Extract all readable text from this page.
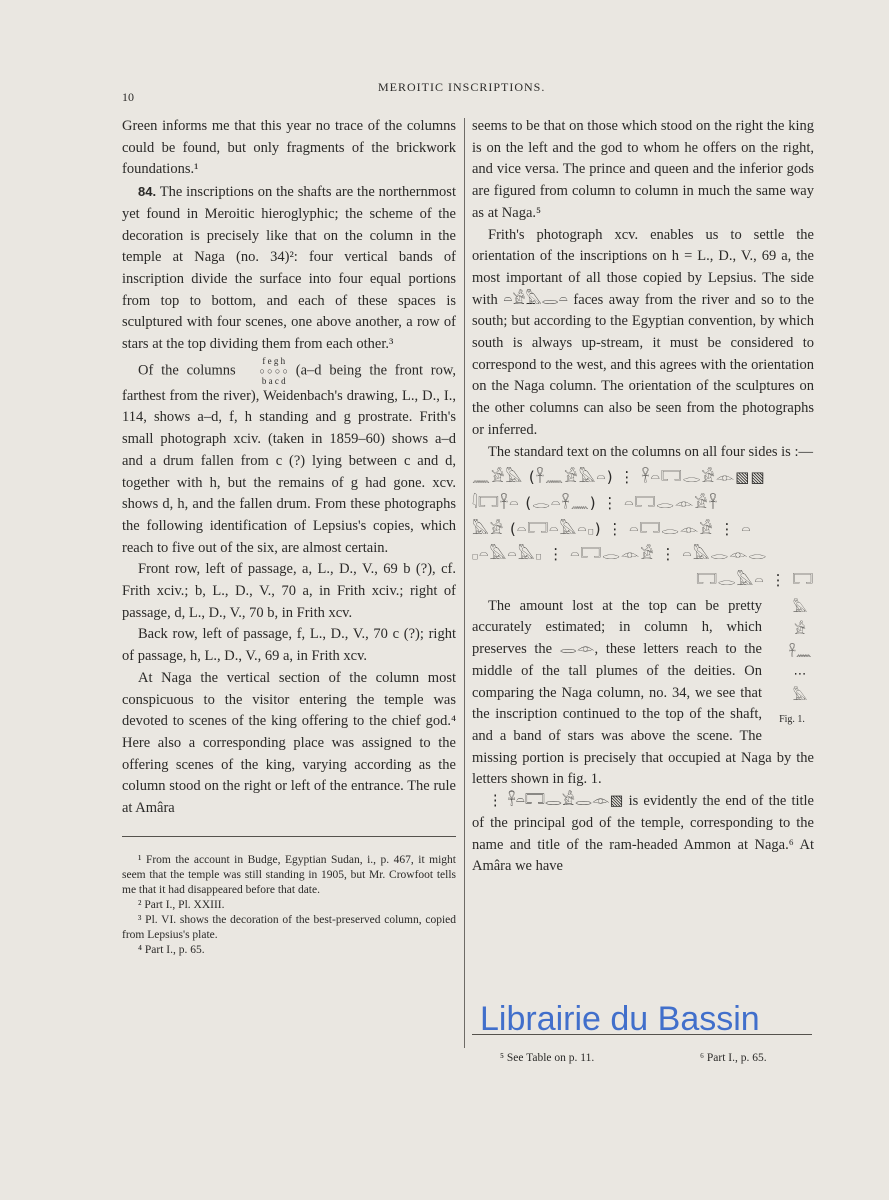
10
MEROITIC INSCRIPTIONS.

Green informs me that this year no trace of the columns could be found, but only fragments of the brickwork foundations.¹

84. The inscriptions on the shafts are the northernmost yet found in Meroitic hieroglyphic; the scheme of the decoration is precisely like that on the column in the temple at Naga (no. 34)²: four vertical bands of inscription divide the surface into four equal portions from top to bottom, and each of these spaces is sculptured with four scenes, one above another, a row of stars at the top dividing them from each other.³

Of the columns
f e g h
○ ○ ○ ○
b a c d
(a–d being the front row, farthest from the river), Weidenbach's drawing, L., D., I., 114, shows a–d, f, h standing and g prostrate. Frith's small photograph xciv. (taken in 1859–60) shows a–d and a drum fallen from c (?) lying between c and d, together with h, but the remains of g had gone. xcv. shows d, h, and the fallen drum. From these photographs the following identification of Lepsius's copies, which reach to five out of the six, are almost certain.

Front row, left of passage, a, L., D., V., 69 b (?), cf. Frith xciv.; b, L., D., V., 70 a, in Frith xciv.; right of passage, d, L., D., V., 70 b, in Frith xcv.

Back row, left of passage, f, L., D., V., 70 c (?); right of passage, h, L., D., V., 69 a, in Frith xcv.

At Naga the vertical section of the column most conspicuous to the visitor entering the temple was devoted to scenes of the king offering to the chief god.⁴ Here also a corresponding place was assigned to the offering scenes of the king, varying according as the column stood on the right or left of the entrance. The rule at Amâra

¹ From the account in Budge, Egyptian Sudan, i., p. 467, it might seem that the temple was still standing in 1905, but Mr. Crowfoot tells me that it had disappeared before that date.

² Part I., Pl. XXIII.

³ Pl. VI. shows the decoration of the best-preserved column, copied from Lepsius's plate.

⁴ Part I., p. 65.

seems to be that on those which stood on the right the king is on the left and the god to whom he offers on the right, and vice versa. The prince and queen and the inferior gods are figured from column to column in much the same way as at Naga.⁵

Frith's photograph xcv. enables us to settle the orientation of the inscriptions on h = L., D., V., 69 a, the most important of all those copied by Lepsius. The side with 𓏏𓀀𓅓𓂋𓏏 faces away from the river and so to the south; but according to the Egyptian convention, by which south is always up-stream, it must be considered to correspond to the west, and this agrees with the orientation on the Naga column. The orientation of the sculptures on the other columns can also be seen from the photographs or inferred.

The standard text on the columns on all four sides is :—

𓈖𓀀𓅓 (𓋹𓈖𓀀𓅓𓏏) ⋮ 𓋹𓏏𓉐𓂋𓀀𓁹▧▧
𓇋𓉐𓋹𓏏 (𓂋𓏏𓋹𓈖) ⋮ 𓏏𓉐𓂋𓁹𓀀𓋹
𓅓𓀀 (𓏏𓉐𓏏𓅓𓏏𓊪) ⋮ 𓏏𓉐𓂋𓁹𓀀 ⋮ 𓏏
𓊪𓏏𓅓𓏏𓅓𓊪 ⋮ 𓏏𓉐𓂋𓁹𓀀 ⋮ 𓏏𓅓𓂋𓁹𓂋
𓉐𓂋𓅓𓏏 ⋮ 𓉐

𓅓
𓀀
𓋹𓈖
⋯
𓅓
Fig. 1.
The amount lost at the top can be pretty accurately estimated; in column h, which preserves the 𓂋𓁹, these letters reach to the middle of the tall plumes of the deities. On comparing the Naga column, no. 34, we see that the inscription continued to the top of the shaft, and a band of stars was above the scene. The missing portion is precisely that occupied at Naga by the letters shown in fig. 1.

⋮ 𓋹𓏏𓉐𓂋𓀀𓂋𓁹▧ is evidently the end of the title of the principal god of the temple, corresponding to the name and title of the ram-headed Ammon at Naga.⁶ At Amâra we have

⁵ See Table on p. 11.	⁶ Part I., p. 65.
Librairie du Bassin
